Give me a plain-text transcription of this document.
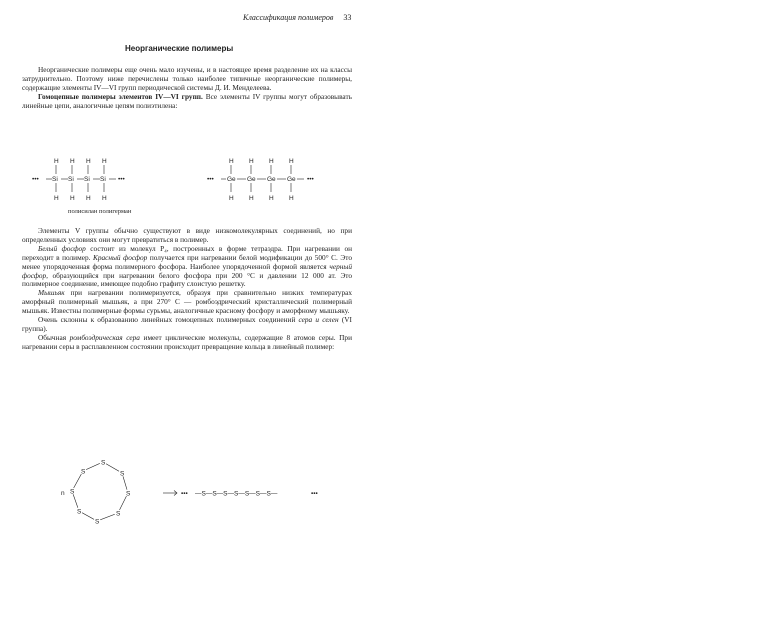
Классификация полимеров 33
Неорганические полимеры

Неорганические полимеры еще очень мало изучены, и в настоящее время разделение их на классы затруднительно. Поэтому ниже перечислены только наиболее типичные неорганические полимеры, содержащие элементы IV—VI групп периодической системы Д. И. Менделеева.

Гомоцепные полимеры элементов IV—VI групп. Все элементы IV группы могут образовывать линейные цепи, аналогичные цепям полиэтилена:

H H H H
••• Si Si Si Si •••
H H H H
H H H H
••• Ge Ge Ge Ge •••
H H H H
полисилан полигерман

Элементы V группы обычно существуют в виде низкомолекулярных соединений, но при определенных условиях они могут превратиться в полимер.

Белый фосфор состоит из молекул P₄, построенных в форме тетраэдра. При нагревании он переходит в полимер. Красный фосфор получается при нагревании белой модификации до 500° С. Это менее упорядоченная форма полимерного фосфора. Наиболее упорядоченной формой является черный фосфор, образующийся при нагревании белого фосфора при 200 °С и давлении 12 000 ат. Это полимерное соединение, имеющее подобно графиту слоистую решетку.

Мышьяк при нагревании полимеризуется, образуя при сравнительно низких температурах аморфный полимерный мышьяк, а при 270° С — ромбоэдрический кристаллический полимерный мышьяк. Известны полимерные формы сурьмы, аналогичные красному фосфору и аморфному мышьяку.

Очень склонны к образованию линейных гомоцепных полимерных соединений сера и селен (VI группа).

Обычная ромбоэдрическая сера имеет циклические молекулы, содержащие 8 атомов серы. При нагревании серы в расплавленном состоянии происходит превращение кольца в линейный полимер:

n
S
S
S
S
S
S
S
S
••• —S—S—S—S—S—S—S—	•••
